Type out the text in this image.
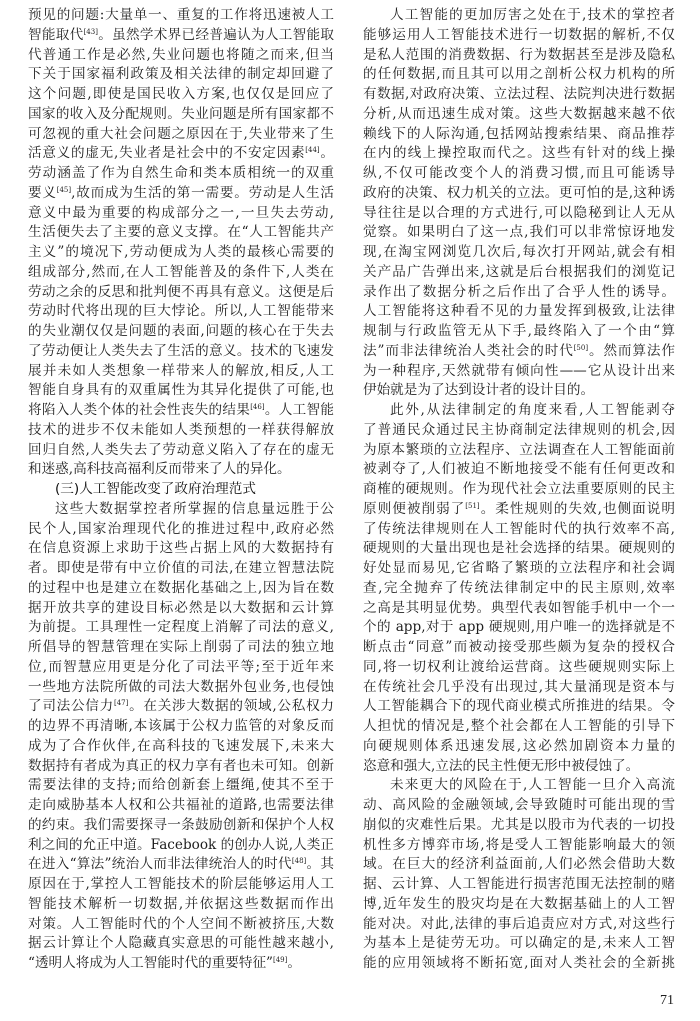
预见的问题:大量单一、重复的工作将迅速被人工
智能取代[43]。虽然学术界已经普遍认为人工智能取
代普通工作是必然,失业问题也将随之而来,但当
下关于国家福利政策及相关法律的制定却回避了
这个问题,即使是国民收入方案,也仅仅是回应了
国家的收入及分配规则。失业问题是所有国家都不
可忽视的重大社会问题之原因在于,失业带来了生
活意义的虚无,失业者是社会中的不安定因素[44]。
劳动涵盖了作为自然生命和类本质相统一的双重
要义[45],故而成为生活的第一需要。劳动是人生活
意义中最为重要的构成部分之一,一旦失去劳动,
生活便失去了主要的意义支撑。在“人工智能共产
主义”的境况下,劳动便成为人类的最核心需要的
组成部分,然而,在人工智能普及的条件下,人类在
劳动之余的反思和批判便不再具有意义。这便是后
劳动时代将出现的巨大悖论。所以,人工智能带来
的失业潮仅仅是问题的表面,问题的核心在于失去
了劳动便让人类失去了生活的意义。技术的飞速发
展并未如人类想象一样带来人的解放,相反,人工
智能自身具有的双重属性为其异化提供了可能,也
将陷入人类个体的社会性丧失的结果[46]。人工智能
技术的进步不仅未能如人类预想的一样获得解放
回归自然,人类失去了劳动意义陷入了存在的虚无
和迷惑,高科技高福利反而带来了人的异化。
(三)人工智能改变了政府治理范式
这些大数据掌控者所掌握的信息量远胜于公
民个人,国家治理现代化的推进过程中,政府必然
在信息资源上求助于这些占据上风的大数据持有
者。即使是带有中立价值的司法,在建立智慧法院
的过程中也是建立在数据化基础之上,因为旨在数
据开放共享的建设目标必然是以大数据和云计算
为前提。工具理性一定程度上消解了司法的意义,
所倡导的智慧管理在实际上削弱了司法的独立地
位,而智慧应用更是分化了司法平等;至于近年来
一些地方法院所做的司法大数据外包业务,也侵蚀
了司法公信力[47]。在关涉大数据的领域,公私权力
的边界不再清晰,本该属于公权力监管的对象反而
成为了合作伙伴,在高科技的飞速发展下,未来大
数据持有者成为真正的权力享有者也未可知。创新
需要法律的支持;而给创新套上缰绳,使其不至于
走向威胁基本人权和公共福祉的道路,也需要法律
的约束。我们需要探寻一条鼓励创新和保护个人权
利之间的允正中道。Facebook 的创办人说,人类正
在进入“算法”统治人而非法律统治人的时代[48]。其
原因在于,掌控人工智能技术的阶层能够运用人工
智能技术解析一切数据,并依据这些数据而作出
对策。人工智能时代的个人空间不断被挤压,大数
据云计算让个人隐藏真实意思的可能性越来越小,
“透明人将成为人工智能时代的重要特征”[49]。
人工智能的更加厉害之处在于,技术的掌控者
能够运用人工智能技术进行一切数据的解析,不仅
是私人范围的消费数据、行为数据甚至是涉及隐私
的任何数据,而且其可以用之剖析公权力机构的所
有数据,对政府决策、立法过程、法院判决进行数据
分析,从而迅速生成对策。这些大数据越来越不依
赖线下的人际沟通,包括网站搜索结果、商品推荐
在内的线上操控取而代之。这些有针对的线上操
纵,不仅可能改变个人的消费习惯,而且可能诱导
政府的决策、权力机关的立法。更可怕的是,这种诱
导往往是以合理的方式进行,可以隐秘到让人无从
觉察。如果明白了这一点,我们可以非常惊讶地发
现,在淘宝网浏览几次后,每次打开网站,就会有相
关产品广告弹出来,这就是后台根据我们的浏览记
录作出了数据分析之后作出了合乎人性的诱导。
人工智能将这种看不见的力量发挥到极致,让法律
规制与行政监管无从下手,最终陷入了一个由“算
法”而非法律统治人类社会的时代[50]。然而算法作
为一种程序,天然就带有倾向性——它从设计出来
伊始就是为了达到设计者的设计目的。
此外,从法律制定的角度来看,人工智能剥夺
了普通民众通过民主协商制定法律规则的机会,因
为原本繁琐的立法程序、立法调查在人工智能面前
被剥夺了,人们被迫不断地接受不能有任何更改和
商榷的硬规则。作为现代社会立法重要原则的民主
原则便被削弱了[51]。柔性规则的失效,也侧面说明
了传统法律规则在人工智能时代的执行效率不高,
硬规则的大量出现也是社会选择的结果。硬规则的
好处显而易见,它省略了繁琐的立法程序和社会调
查,完全抛弃了传统法律制定中的民主原则,效率
之高是其明显优势。典型代表如智能手机中一个一
个的 app,对于 app 硬规则,用户唯一的选择就是不
断点击“同意”而被动接受那些颇为复杂的授权合
同,将一切权利让渡给运营商。这些硬规则实际上
在传统社会几乎没有出现过,其大量涌现是资本与
人工智能耦合下的现代商业模式所推进的结果。令
人担忧的情况是,整个社会都在人工智能的引导下
向硬规则体系迅速发展,这必然加剧资本力量的
恣意和强大,立法的民主性便无形中被侵蚀了。
未来更大的风险在于,人工智能一旦介入高流
动、高风险的金融领域,会导致随时可能出现的雪
崩似的灾难性后果。尤其是以股市为代表的一切投
机性多方博弈市场,将是受人工智能影响最大的领
域。在巨大的经济利益面前,人们必然会借助大数
据、云计算、人工智能进行损害范围无法控制的赌
博,近年发生的股灾均是在大数据基础上的人工智
能对决。对此,法律的事后追责应对方式,对这些行
为基本上是徒劳无功。可以确定的是,未来人工智
能的应用领域将不断拓宽,面对人类社会的全新挑
71
